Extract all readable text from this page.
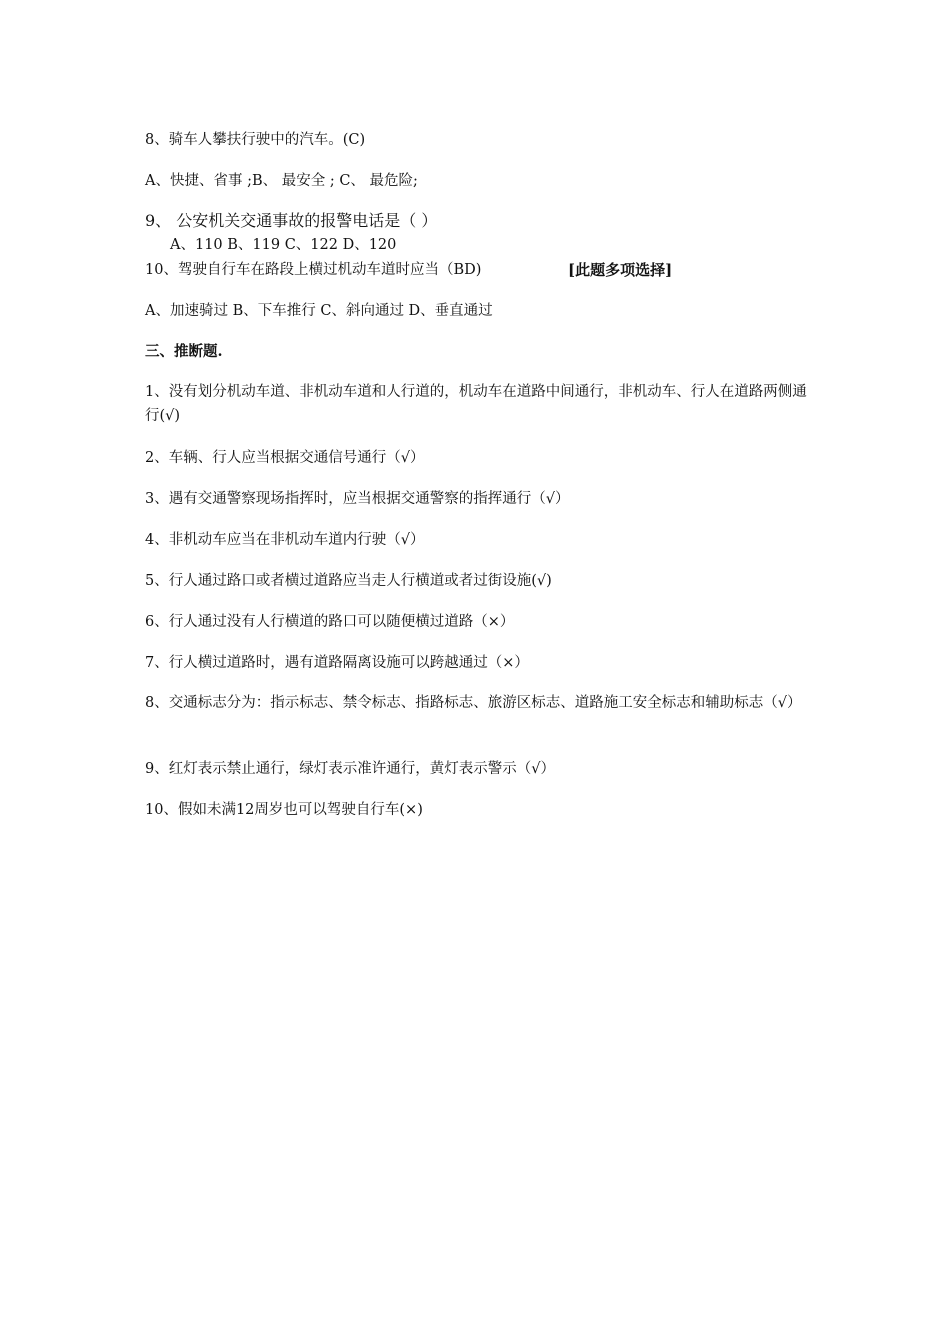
8、骑车人攀扶行驶中的汽车。(C)
A、快捷、省事 ;B、 最安全 ; C、 最危险;
9、 公安机关交通事故的报警电话是（ ）
A、110 B、119 C、122 D、120
10、驾驶自行车在路段上横过机动车道时应当（BD)	[此题多项选择]
A、加速骑过 B、下车推行 C、斜向通过 D、垂直通过
三、推断题.
1、没有划分机动车道、非机动车道和人行道的，机动车在道路中间通行，非机动车、行人在道路两侧通行(√)
2、车辆、行人应当根据交通信号通行（√）
3、遇有交通警察现场指挥时，应当根据交通警察的指挥通行（√）
4、非机动车应当在非机动车道内行驶（√）
5、行人通过路口或者横过道路应当走人行横道或者过街设施(√)
6、行人通过没有人行横道的路口可以随便横过道路（×）
7、行人横过道路时，遇有道路隔离设施可以跨越通过（×）
8、交通标志分为：指示标志、禁令标志、指路标志、旅游区标志、道路施工安全标志和辅助标志（√）
9、红灯表示禁止通行，绿灯表示准许通行，黄灯表示警示（√）
10、假如未满12周岁也可以驾驶自行车(×)
